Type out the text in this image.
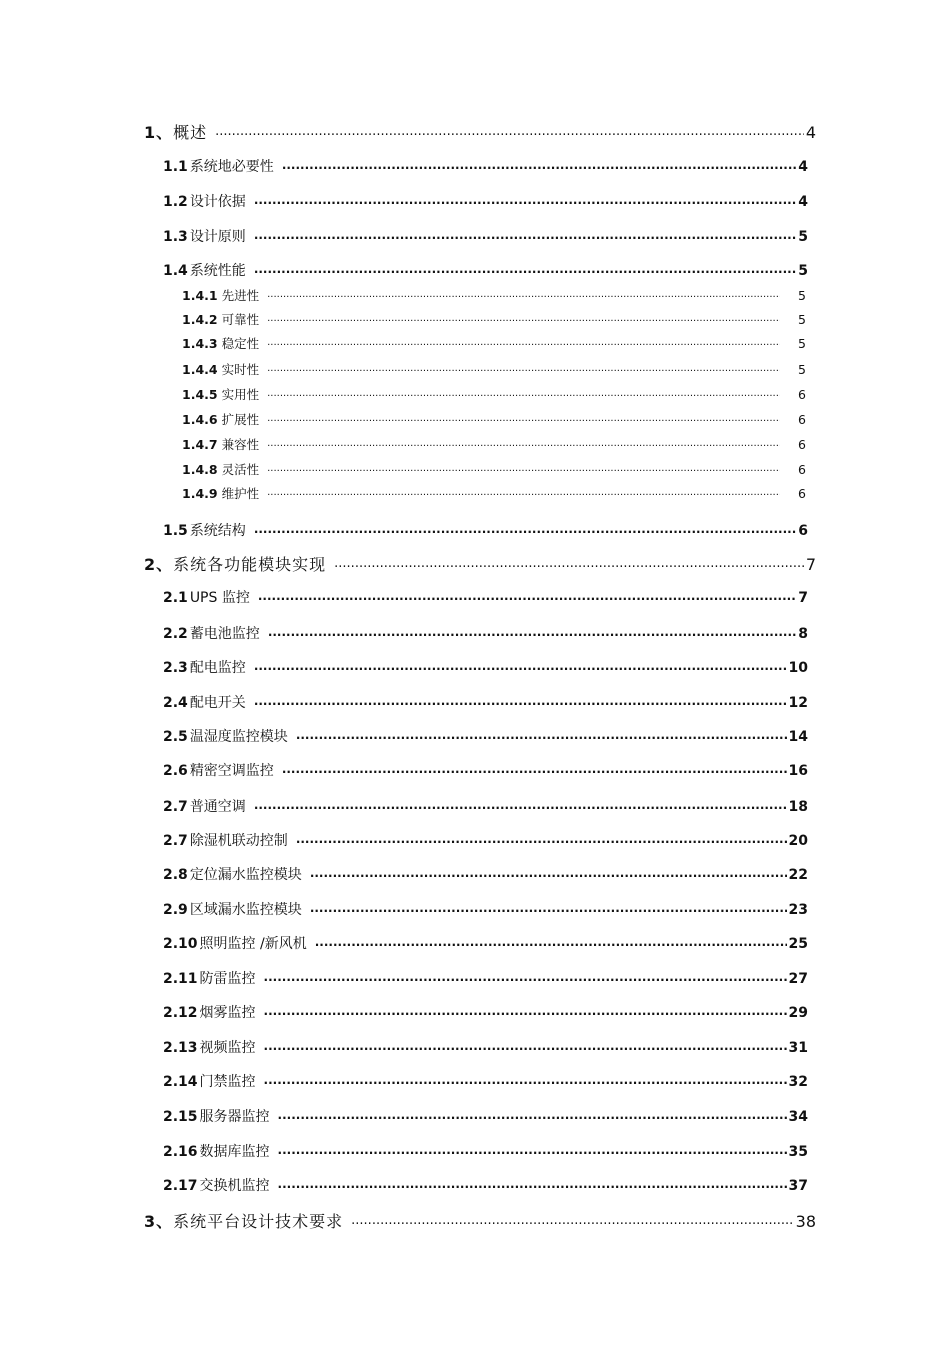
1、概述 .....	4
1.1 系统地必要性 .....	4
1.2 设计依据 .....	4
1.3 设计原则 .....	5
1.4 系统性能 .....	5
1.4.1 先进性 .....	5
1.4.2 可靠性 .....	5
1.4.3 稳定性 .....	5
1.4.4 实时性 .....	5
1.4.5 实用性 .....	6
1.4.6 扩展性 .....	6
1.4.7 兼容性 .....	6
1.4.8 灵活性 .....	6
1.4.9 维护性 .....	6
1.5 系统结构 .....	6
2、系统各功能模块实现 .....	7
2.1 UPS 监控 .....	7
2.2 蓄电池监控 .....	8
2.3 配电监控 .....	10
2.4 配电开关 .....	12
2.5 温湿度监控模块 .....	14
2.6 精密空调监控 .....	16
2.7 普通空调 .....	18
2.7 除湿机联动控制 .....	20
2.8 定位漏水监控模块 .....	22
2.9 区域漏水监控模块 .....	23
2.10 照明监控 /新风机 .....	25
2.11 防雷监控 .....	27
2.12 烟雾监控 .....	29
2.13 视频监控 .....	31
2.14 门禁监控 .....	32
2.15 服务器监控 .....	34
2.16 数据库监控 .....	35
2.17 交换机监控 .....	37
3、系统平台设计技术要求 .....	38
